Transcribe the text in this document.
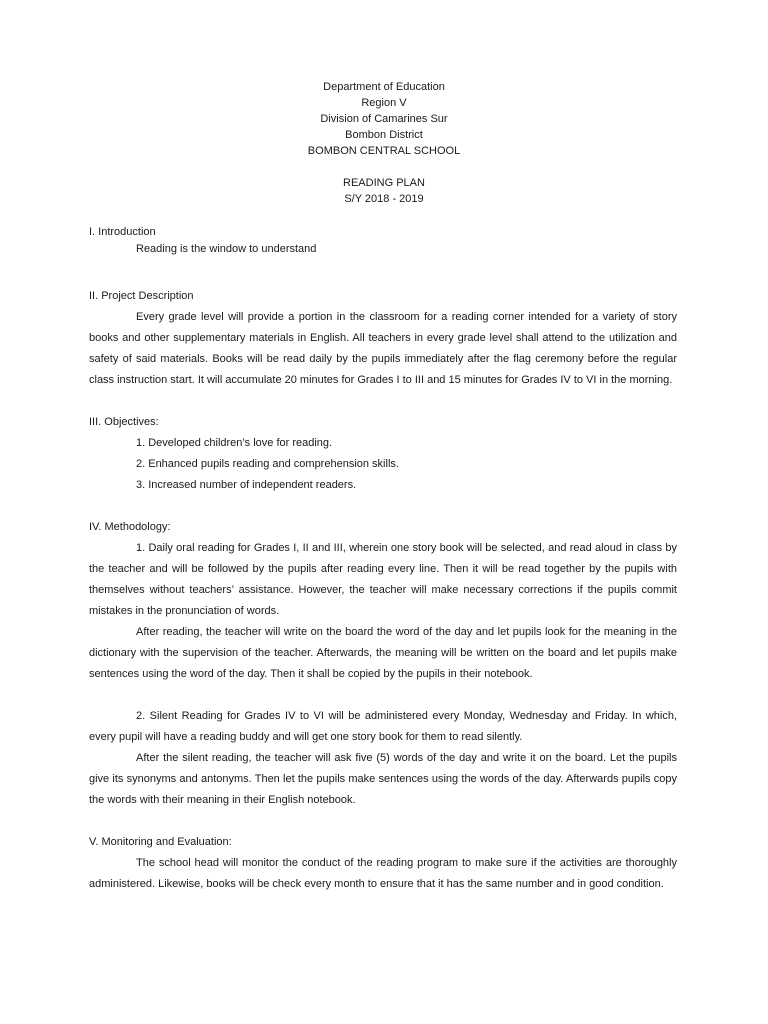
Department of Education
Region V
Division of Camarines Sur
Bombon District
BOMBON CENTRAL SCHOOL
READING PLAN
S/Y 2018 - 2019

I. Introduction

Reading is the window to understand

II. Project Description

Every grade level will provide a portion in the classroom for a reading corner intended for a variety of story books and other supplementary materials in English. All teachers in every grade level shall attend to the utilization and safety of said materials. Books will be read daily by the pupils immediately after the flag ceremony before the regular class instruction start. It will accumulate 20 minutes for Grades I to III and 15 minutes for Grades IV to VI in the morning.

III. Objectives:

1. Developed children’s love for reading.

2. Enhanced pupils reading and comprehension skills.

3. Increased number of independent readers.

IV. Methodology:

1. Daily oral reading for Grades I, II and III, wherein one story book will be selected, and read aloud in class by the teacher and will be followed by the pupils after reading every line. Then it will be read together by the pupils with themselves without teachers’ assistance. However, the teacher will make necessary corrections if the pupils commit mistakes in the pronunciation of words.

After reading, the teacher will write on the board the word of the day and let pupils look for the meaning in the dictionary with the supervision of the teacher. Afterwards, the meaning will be written on the board and let pupils make sentences using the word of the day. Then it shall be copied by the pupils in their notebook.

2. Silent Reading for Grades IV to VI will be administered every Monday, Wednesday and Friday. In which, every pupil will have a reading buddy and will get one story book for them to read silently.

After the silent reading, the teacher will ask five (5) words of the day and write it on the board. Let the pupils give its synonyms and antonyms. Then let the pupils make sentences using the words of the day. Afterwards pupils copy the words with their meaning in their English notebook.

V. Monitoring and Evaluation:

The school head will monitor the conduct of the reading program to make sure if the activities are thoroughly administered. Likewise, books will be check every month to ensure that it has the same number and in good condition.
